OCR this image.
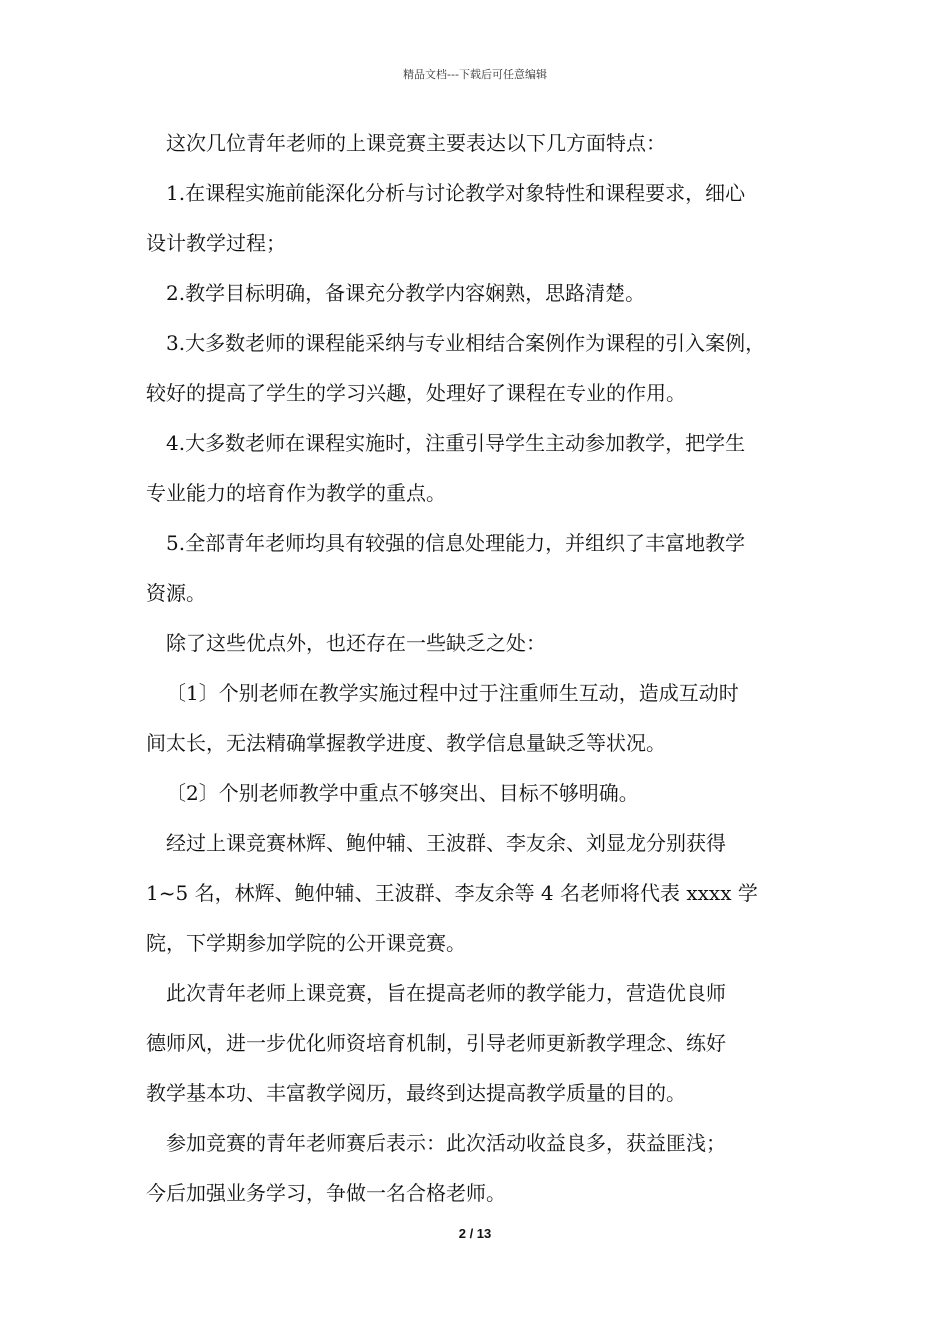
精品文档---下载后可任意编辑
这次几位青年老师的上课竞赛主要表达以下几方面特点：
1.在课程实施前能深化分析与讨论教学对象特性和课程要求，细心
设计教学过程；
2.教学目标明确，备课充分教学内容娴熟，思路清楚。
3.大多数老师的课程能采纳与专业相结合案例作为课程的引入案例，
较好的提高了学生的学习兴趣，处理好了课程在专业的作用。
4.大多数老师在课程实施时，注重引导学生主动参加教学，把学生
专业能力的培育作为教学的重点。
5.全部青年老师均具有较强的信息处理能力，并组织了丰富地教学
资源。
除了这些优点外，也还存在一些缺乏之处：
〔1〕个别老师在教学实施过程中过于注重师生互动，造成互动时
间太长，无法精确掌握教学进度、教学信息量缺乏等状况。
〔2〕个别老师教学中重点不够突出、目标不够明确。
经过上课竞赛林辉、鲍仲辅、王波群、李友余、刘显龙分别获得
1~5 名，林辉、鲍仲辅、王波群、李友余等 4 名老师将代表 xxxx 学
院，下学期参加学院的公开课竞赛。
此次青年老师上课竞赛，旨在提高老师的教学能力，营造优良师
德师风，进一步优化师资培育机制，引导老师更新教学理念、练好
教学基本功、丰富教学阅历，最终到达提高教学质量的目的。
参加竞赛的青年老师赛后表示：此次活动收益良多，获益匪浅；
今后加强业务学习，争做一名合格老师。
2 / 13
